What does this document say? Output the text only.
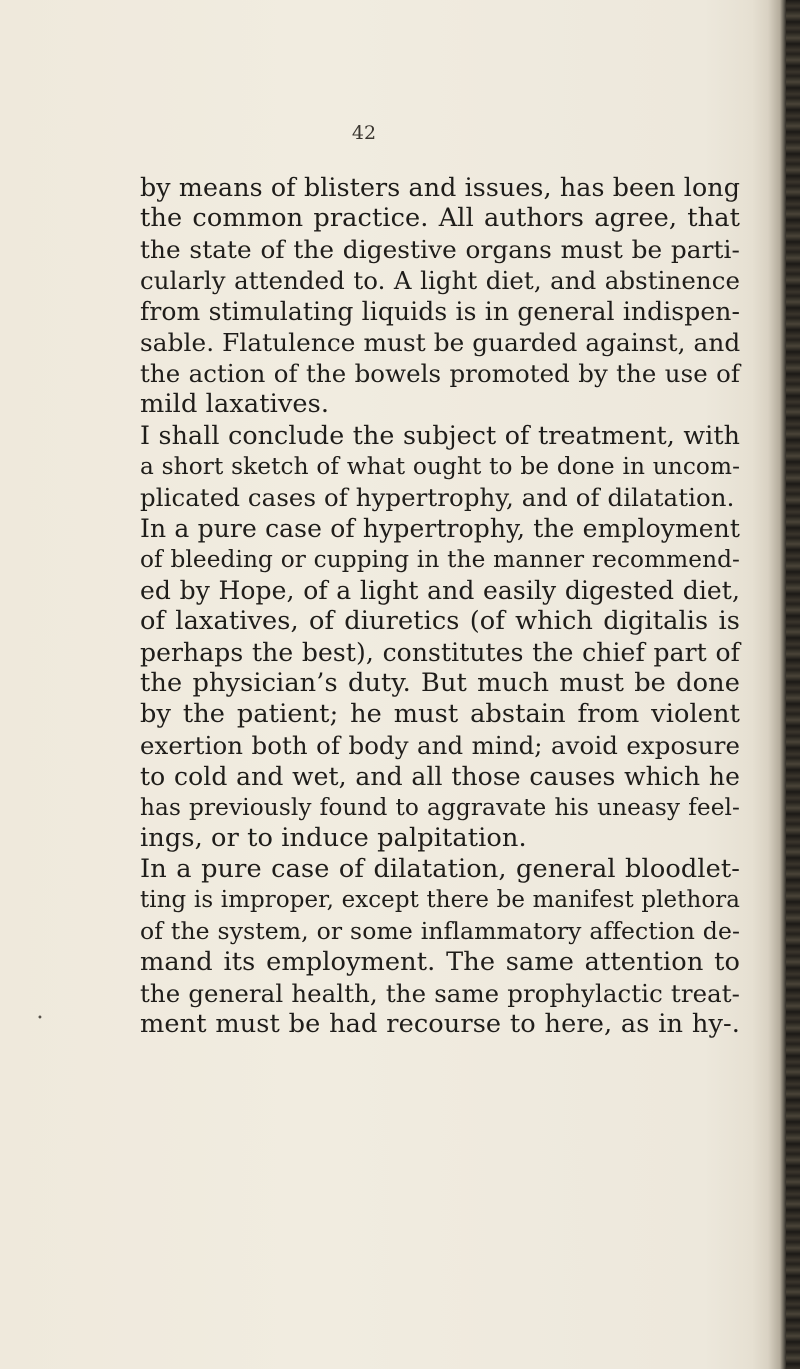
42
by means of blisters and issues, has been long
the common practice. All authors agree, that
the state of the digestive organs must be parti-
cularly attended to. A light diet, and abstinence
from stimulating liquids is in general indispen-
sable. Flatulence must be guarded against, and
the action of the bowels promoted by the use of
mild laxatives.
I shall conclude the subject of treatment, with
a short sketch of what ought to be done in uncom-
plicated cases of hypertrophy, and of dilatation.
In a pure case of hypertrophy, the employment
of bleeding or cupping in the manner recommend-
ed by Hope, of a light and easily digested diet,
of laxatives, of diuretics (of which digitalis is
perhaps the best), constitutes the chief part of
the physician’s duty. But much must be done
by the patient; he must abstain from violent
exertion both of body and mind; avoid exposure
to cold and wet, and all those causes which he
has previously found to aggravate his uneasy feel-
ings, or to induce palpitation.
In a pure case of dilatation, general bloodlet-
ting is improper, except there be manifest plethora
of the system, or some inflammatory affection de-
mand its employment. The same attention to
the general health, the same prophylactic treat-
ment must be had recourse to here, as in hy-.
•
